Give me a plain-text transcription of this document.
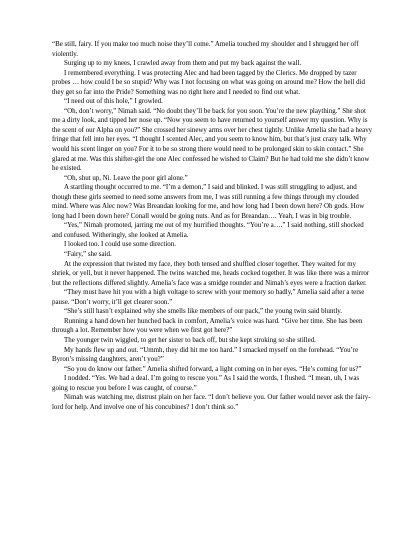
“Be still, fairy. If you make too much noise they’ll come.” Amelia touched my shoulder and I shrugged her off violently.

Surging up to my knees, I crawled away from them and put my back against the wall.

I remembered everything. I was protecting Alec and had been tagged by the Clerics. Me dropped by tazer probes … how could I be so stupid? Why was I not focusing on what was going on around me? How the hell did they get so far into the Pride? Something was no right here and I needed to find out what.

“I need out of this hole,” I growled.

“Oh, don’t worry,” Nimah said. “No doubt they’ll be back for you soon. You’re the new plaything.” She shot me a dirty look, and tipped her nose up. “Now you seem to have returned to yourself answer my question. Why is the scent of our Alpha on you?” She crossed her sinewy arms over her chest tightly. Unlike Amelia she had a heavy fringe that fell into her eyes. “I thought I scented Alec, and you seem to know him, but that’s just crazy talk. Why would his scent linger on you? For it to be so strong there would need to be prolonged skin to skin contact.” She glared at me. Was this shifter-girl the one Alec confessed he wished to Claim? But he had told me she didn’t know he existed.

“Oh, shut up, Ni. Leave the poor girl alone.”

A startling thought occurred to me. “I’m a demon,” I said and blinked. I was still struggling to adjust, and though these girls seemed to need some answers from me, I was still running a few things through my clouded mind. Where was Alec now? Was Breandan looking for me, and how long had I been down here? Oh gods. How long had I been down here? Conall would be going nuts. And as for Breandan…. Yeah, I was in big trouble.

“Yes,” Nimah promoted, jarring me out of my hurrified thoughts. “You’re a….” I said nothing, still shocked and confused. Witheringly, she looked at Amelia.

I looked too. I could use some direction.

“Fairy,” she said.

At the expression that twisted my face, they both tensed and shuffled closer together. They waited for my shriek, or yell, but it never happened. The twins watched me, heads cocked together. It was like there was a mirror but the reflections differed slightly. Amelia’s face was a smidge rounder and Nimah’s eyes were a fraction darker.

“They must have hit you with a high voltage to screw with your memory so badly,” Amelia said after a terse pause. “Don’t worry, it’ll get clearer soon.”

“She’s still hasn’t explained why she smells like members of our pack,” the young twin said bluntly.

Running a hand down her hunched back in comfort, Amelia’s voice was hard. “Give her time. She has been through a lot. Remember how you were when we first got here?”

The younger twin wiggled, to get her sister to back off, but she kept stroking so she stilled.

My hands flew up and out. “Ummh, they did hit me too hard.” I smacked myself on the forehead. “You’re Byron’s missing daughters, aren’t you?”

“So you do know our father.” Amelia shifted forward, a light coming on in her eyes. “He’s coming for us?”

I nodded. “Yes. We had a deal. I’m going to rescue you.” As I said the words, I flushed. “I mean, uh, I was going to rescue you before I was caught, of course.”

Nimah was watching me, distrust plain on her face. “I don’t believe you. Our father would never ask the fairy-lord for help. And involve one of his concubines? I don’t think so.”
